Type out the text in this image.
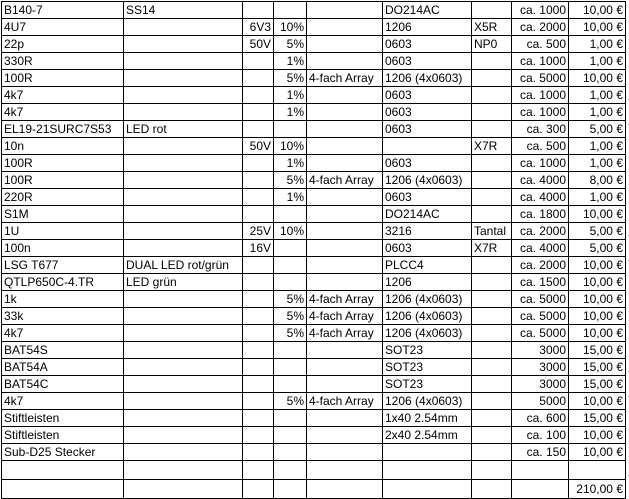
B140-7	SS14				DO214AC		ca. 1000	10,00 €
4U7		6V3	10%		1206	X5R	ca. 2000	10,00 €
22p		50V	5%		0603	NP0	ca. 500	1,00 €
330R			1%		0603		ca. 1000	1,00 €
100R			5%	4-fach Array	1206 (4x0603)		ca. 5000	10,00 €
4k7			1%		0603		ca. 1000	1,00 €
4k7			1%		0603		ca. 1000	1,00 €
EL19-21SURC7S53	LED rot				0603		ca. 300	5,00 €
10n		50V	10%			X7R	ca. 500	1,00 €
100R			1%		0603		ca. 1000	1,00 €
100R			5%	4-fach Array	1206 (4x0603)		ca. 4000	8,00 €
220R			1%		0603		ca. 4000	1,00 €
S1M					DO214AC		ca. 1800	10,00 €
1U		25V	10%		3216	Tantal	ca. 2000	5,00 €
100n		16V			0603	X7R	ca. 4000	5,00 €
LSG T677	DUAL LED rot/grün				PLCC4		ca. 2000	10,00 €
QTLP650C-4.TR	LED grün				1206		ca. 1500	10,00 €
1k			5%	4-fach Array	1206 (4x0603)		ca. 5000	10,00 €
33k			5%	4-fach Array	1206 (4x0603)		ca. 5000	10,00 €
4k7			5%	4-fach Array	1206 (4x0603)		ca. 5000	10,00 €
BAT54S					SOT23		3000	15,00 €
BAT54A					SOT23		3000	15,00 €
BAT54C					SOT23		3000	15,00 €
4k7			5%	4-fach Array	1206 (4x0603)		5000	10,00 €
Stiftleisten					1x40 2.54mm		ca. 600	15,00 €
Stiftleisten					2x40 2.54mm		ca. 100	10,00 €
Sub-D25 Stecker							ca. 150	10,00 €

								210,00 €
